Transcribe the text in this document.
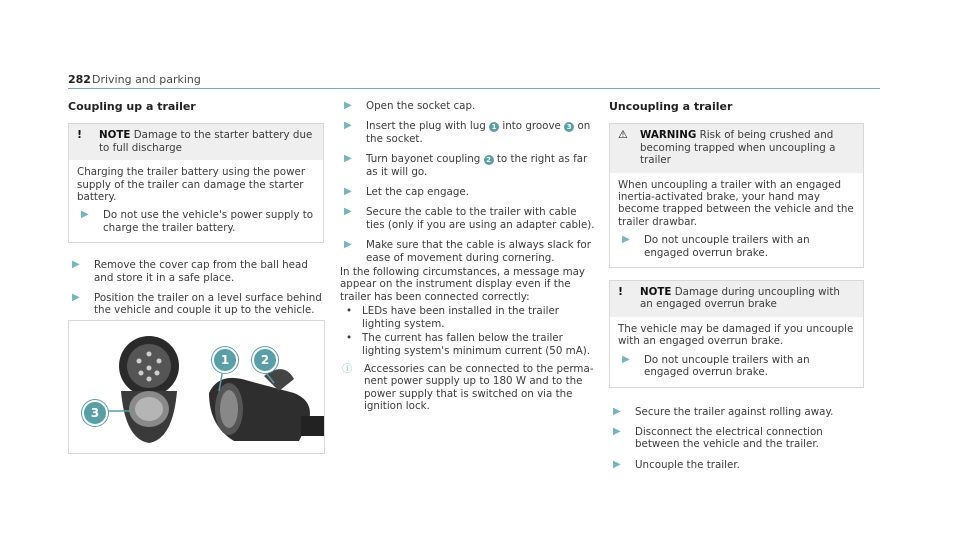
282 Driving and parking
Coupling up a trailer
!	NOTE Damage to the starter battery due to full discharge
Charging the trailer battery using the power supply of the trailer can damage the starter battery.
▶	Do not use the vehicle's power supply to charge the trailer battery.
▶	Remove the cover cap from the ball head and store it in a safe place.
▶	Position the trailer on a level surface behind the vehicle and couple it up to the vehicle.
1	2
3
▶	Open the socket cap.
▶	Insert the plug with lug 1 into groove 3 on the socket.
▶	Turn bayonet coupling 2 to the right as far as it will go.
▶	Let the cap engage.
▶	Secure the cable to the trailer with cable ties (only if you are using an adapter cable).
▶	Make sure that the cable is always slack for ease of movement during cornering.
In the following circumstances, a message may appear on the instrument display even if the trailer has been connected correctly:
• LEDs have been installed in the trailer lighting system.
• The current has fallen below the trailer lighting system's minimum current (50 mA).
ⓘ	Accessories can be connected to the permanent power supply up to 180 W and to the power supply that is switched on via the ignition lock.
Uncoupling a trailer
⚠	WARNING Risk of being crushed and becoming trapped when uncoupling a trailer
When uncoupling a trailer with an engaged inertia-activated brake, your hand may become trapped between the vehicle and the trailer drawbar.
▶	Do not uncouple trailers with an engaged overrun brake.
!	NOTE Damage during uncoupling with an engaged overrun brake
The vehicle may be damaged if you uncouple with an engaged overrun brake.
▶	Do not uncouple trailers with an engaged overrun brake.
▶	Secure the trailer against rolling away.
▶	Disconnect the electrical connection between the vehicle and the trailer.
▶	Uncouple the trailer.
